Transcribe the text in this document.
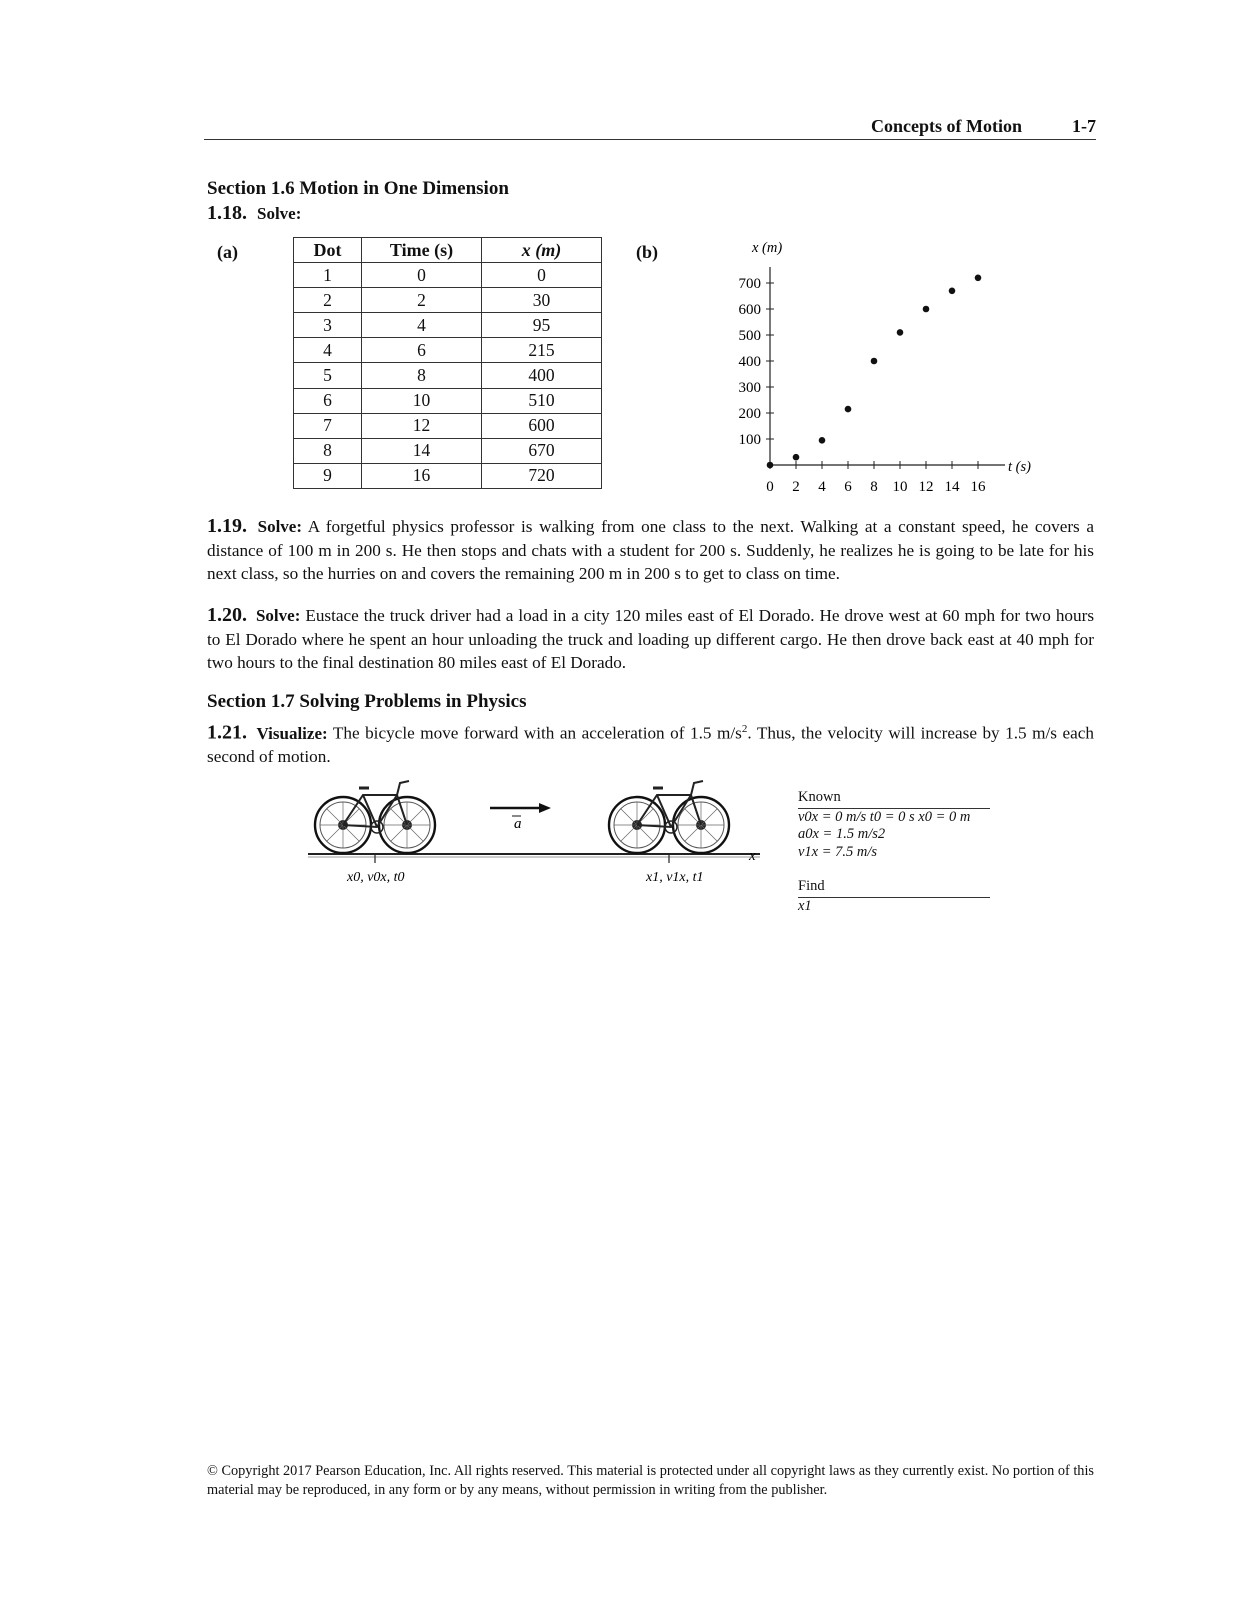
Concepts of Motion	1-7
Section 1.6 Motion in One Dimension
1.18. Solve:
(a)	(b)
Dot	Time (s)	x (m)
1	0	0
2	2	30
3	4	95
4	6	215
5	8	400
6	10	510
7	12	600
8	14	670
9	16	720
0 2 4 6 8 10 12 14 16
100
200
300
400
500
600
700
x (m)
t (s)
1.19. Solve: A forgetful physics professor is walking from one class to the next. Walking at a constant speed, he covers a distance of 100 m in 200 s. He then stops and chats with a student for 200 s. Suddenly, he realizes he is going to be late for his next class, so the hurries on and covers the remaining 200 m in 200 s to get to class on time.
1.20. Solve: Eustace the truck driver had a load in a city 120 miles east of El Dorado. He drove west at 60 mph for two hours to El Dorado where he spent an hour unloading the truck and loading up different cargo. He then drove back east at 40 mph for two hours to the final destination 80 miles east of El Dorado.
Section 1.7 Solving Problems in Physics
1.21. Visualize: The bicycle move forward with an acceleration of 1.5 $m/s^2$. Thus, the velocity will increase by 1.5 m/s each second of motion.
a
x
x0, v0x, t0	x1, v1x, t1
Known
v0x = 0 m/s t0 = 0 s x0 = 0 m
a0x = 1.5 m/s2
v1x = 7.5 m/s
Find
x1
© Copyright 2017 Pearson Education, Inc. All rights reserved. This material is protected under all copyright laws as they currently exist. No portion of this material may be reproduced, in any form or by any means, without permission in writing from the publisher.
